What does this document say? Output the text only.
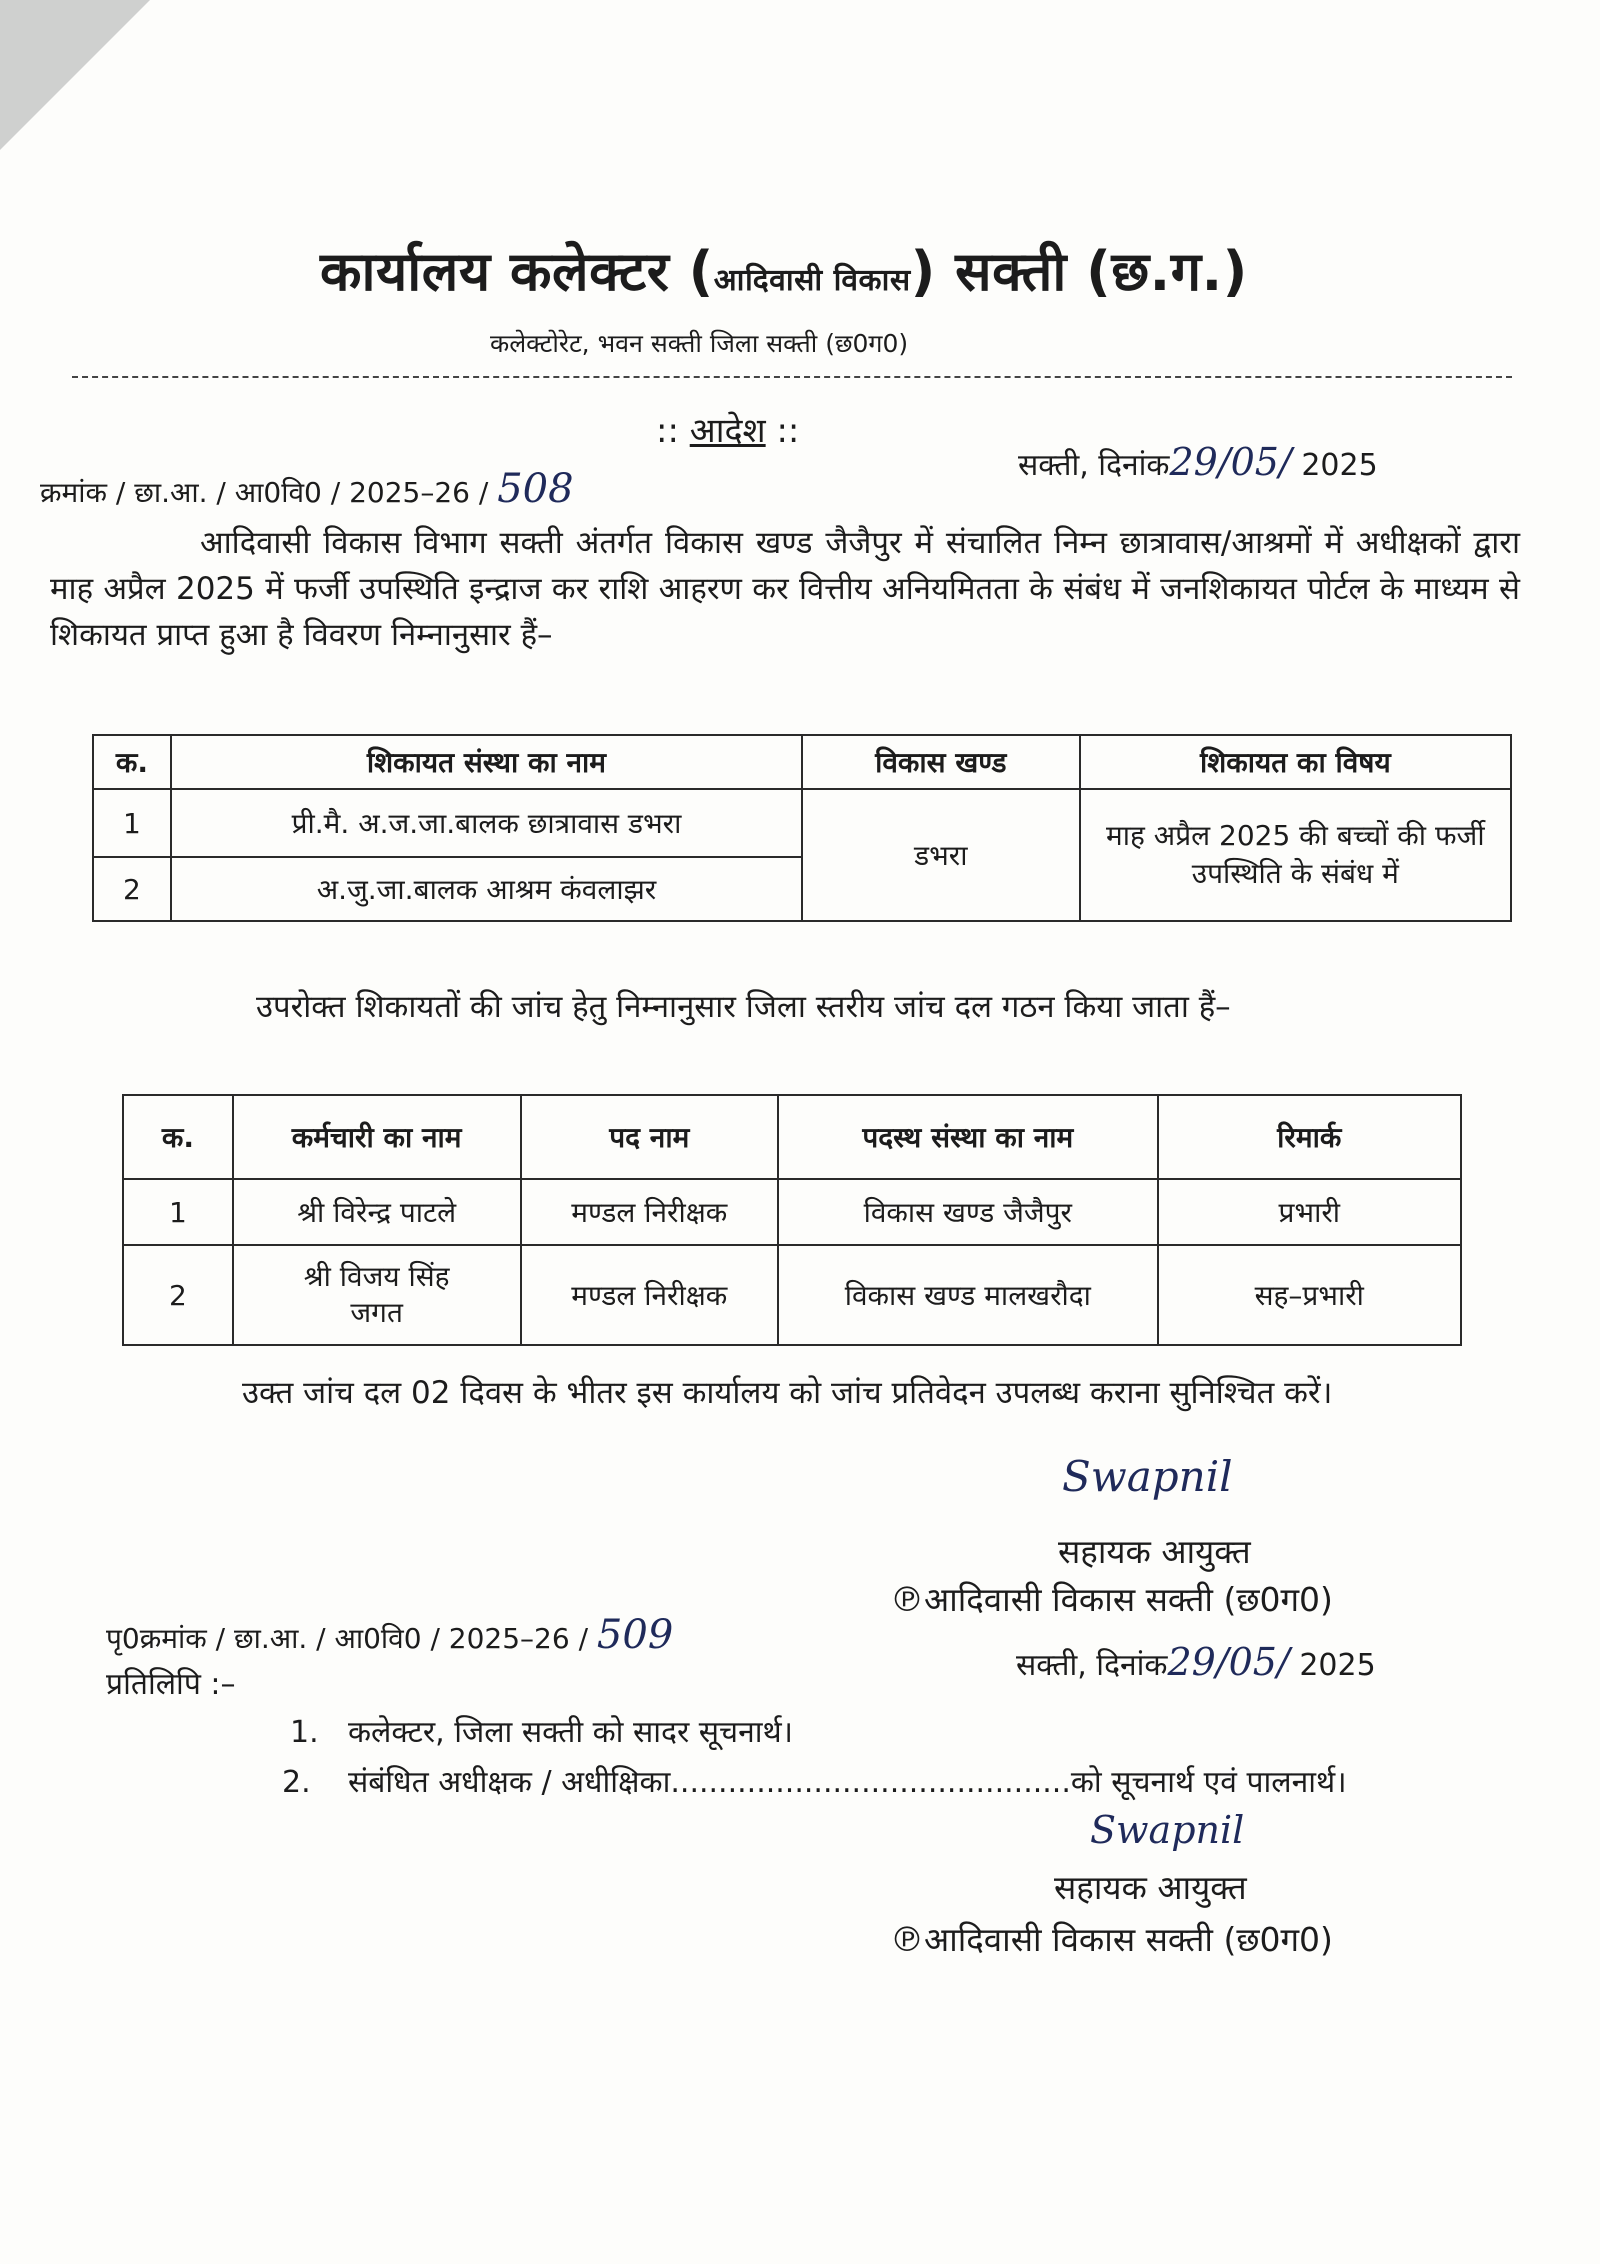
कार्यालय कलेक्टर (आदिवासी विकास) सक्ती (छ.ग.)
कलेक्टोरेट, भवन सक्ती जिला सक्ती (छ0ग0)
:: आदेश ::
क्रमांक / छा.आ. / आ0वि0 / 2025–26 / 508
सक्ती, दिनांक29/05/ 2025
आदिवासी विकास विभाग सक्ती अंतर्गत विकास खण्ड जैजैपुर में संचालित निम्न छात्रावास/आश्रमों में अधीक्षकों द्वारा माह अप्रैल 2025 में फर्जी उपस्थिति इन्द्राज कर राशि आहरण कर वित्तीय अनियमितता के संबंध में जनशिकायत पोर्टल के माध्यम से शिकायत प्राप्त हुआ है विवरण निम्नानुसार हैं–
क.	शिकायत संस्था का नाम	विकास खण्ड	शिकायत का विषय
1	प्री.मै. अ.ज.जा.बालक छात्रावास डभरा	डभरा	माह अप्रैल 2025 की बच्चों की फर्जी उपस्थिति के संबंध में
2	अ.जु.जा.बालक आश्रम कंवलाझर		
उपरोक्त शिकायतों की जांच हेतु निम्नानुसार जिला स्तरीय जांच दल गठन किया जाता हैं–
क.	कर्मचारी का नाम	पद नाम	पदस्थ संस्था का नाम	रिमार्क
1	श्री विरेन्द्र पाटले	मण्डल निरीक्षक	विकास खण्ड जैजैपुर	प्रभारी
2	श्री विजय सिंह जगत	मण्डल निरीक्षक	विकास खण्ड मालखरौदा	सह–प्रभारी
उक्त जांच दल 02 दिवस के भीतर इस कार्यालय को जांच प्रतिवेदन उपलब्ध कराना सुनिश्चित करें।
Swapnil
सहायक आयुक्त
℗आदिवासी विकास सक्ती (छ0ग0)
सक्ती, दिनांक29/05/ 2025
पृ0क्रमांक / छा.आ. / आ0वि0 / 2025–26 / 509
प्रतिलिपि :–
1. कलेक्टर, जिला सक्ती को सादर सूचनार्थ।
2. संबंधित अधीक्षक / अधीक्षिका..........................................को सूचनार्थ एवं पालनार्थ।
Swapnil
सहायक आयुक्त
℗आदिवासी विकास सक्ती (छ0ग0)
